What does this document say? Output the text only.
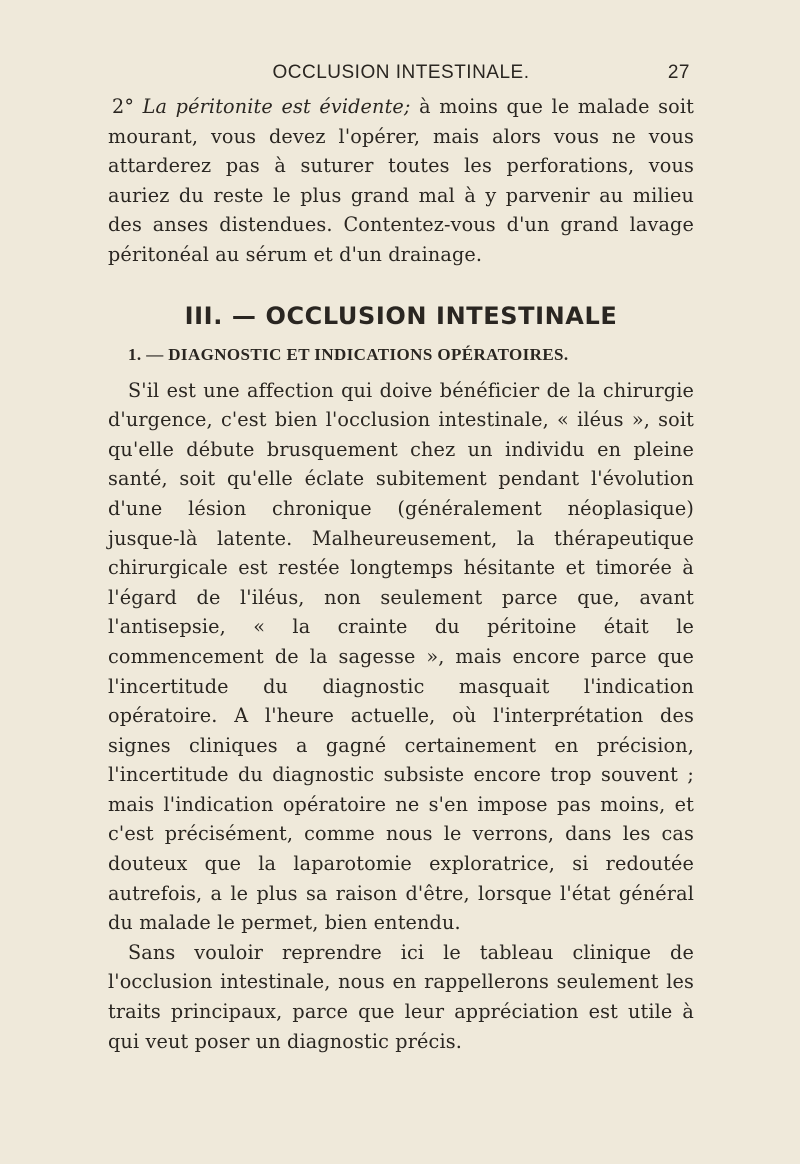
OCCLUSION INTESTINALE.	27

2° La péritonite est évidente; à moins que le malade soit mourant, vous devez l'opérer, mais alors vous ne vous attarderez pas à suturer toutes les perforations, vous auriez du reste le plus grand mal à y parvenir au milieu des anses distendues. Contentez-vous d'un grand lavage péritonéal au sérum et d'un drainage.

III. — OCCLUSION INTESTINALE
1. — DIAGNOSTIC ET INDICATIONS OPÉRATOIRES.

S'il est une affection qui doive bénéficier de la chirurgie d'urgence, c'est bien l'occlusion intestinale, « iléus », soit qu'elle débute brusquement chez un individu en pleine santé, soit qu'elle éclate subitement pendant l'évolution d'une lésion chronique (généralement néoplasique) jusque-là latente. Malheureusement, la thérapeutique chirurgicale est restée longtemps hésitante et timorée à l'égard de l'iléus, non seulement parce que, avant l'antisepsie, « la crainte du péritoine était le commencement de la sagesse », mais encore parce que l'incertitude du diagnostic masquait l'indication opératoire. A l'heure actuelle, où l'interprétation des signes cliniques a gagné certainement en précision, l'incertitude du diagnostic subsiste encore trop souvent ; mais l'indication opératoire ne s'en impose pas moins, et c'est précisément, comme nous le verrons, dans les cas douteux que la laparotomie exploratrice, si redoutée autrefois, a le plus sa raison d'être, lorsque l'état général du malade le permet, bien entendu.

Sans vouloir reprendre ici le tableau clinique de l'occlusion intestinale, nous en rappellerons seulement les traits principaux, parce que leur appréciation est utile à qui veut poser un diagnostic précis.
